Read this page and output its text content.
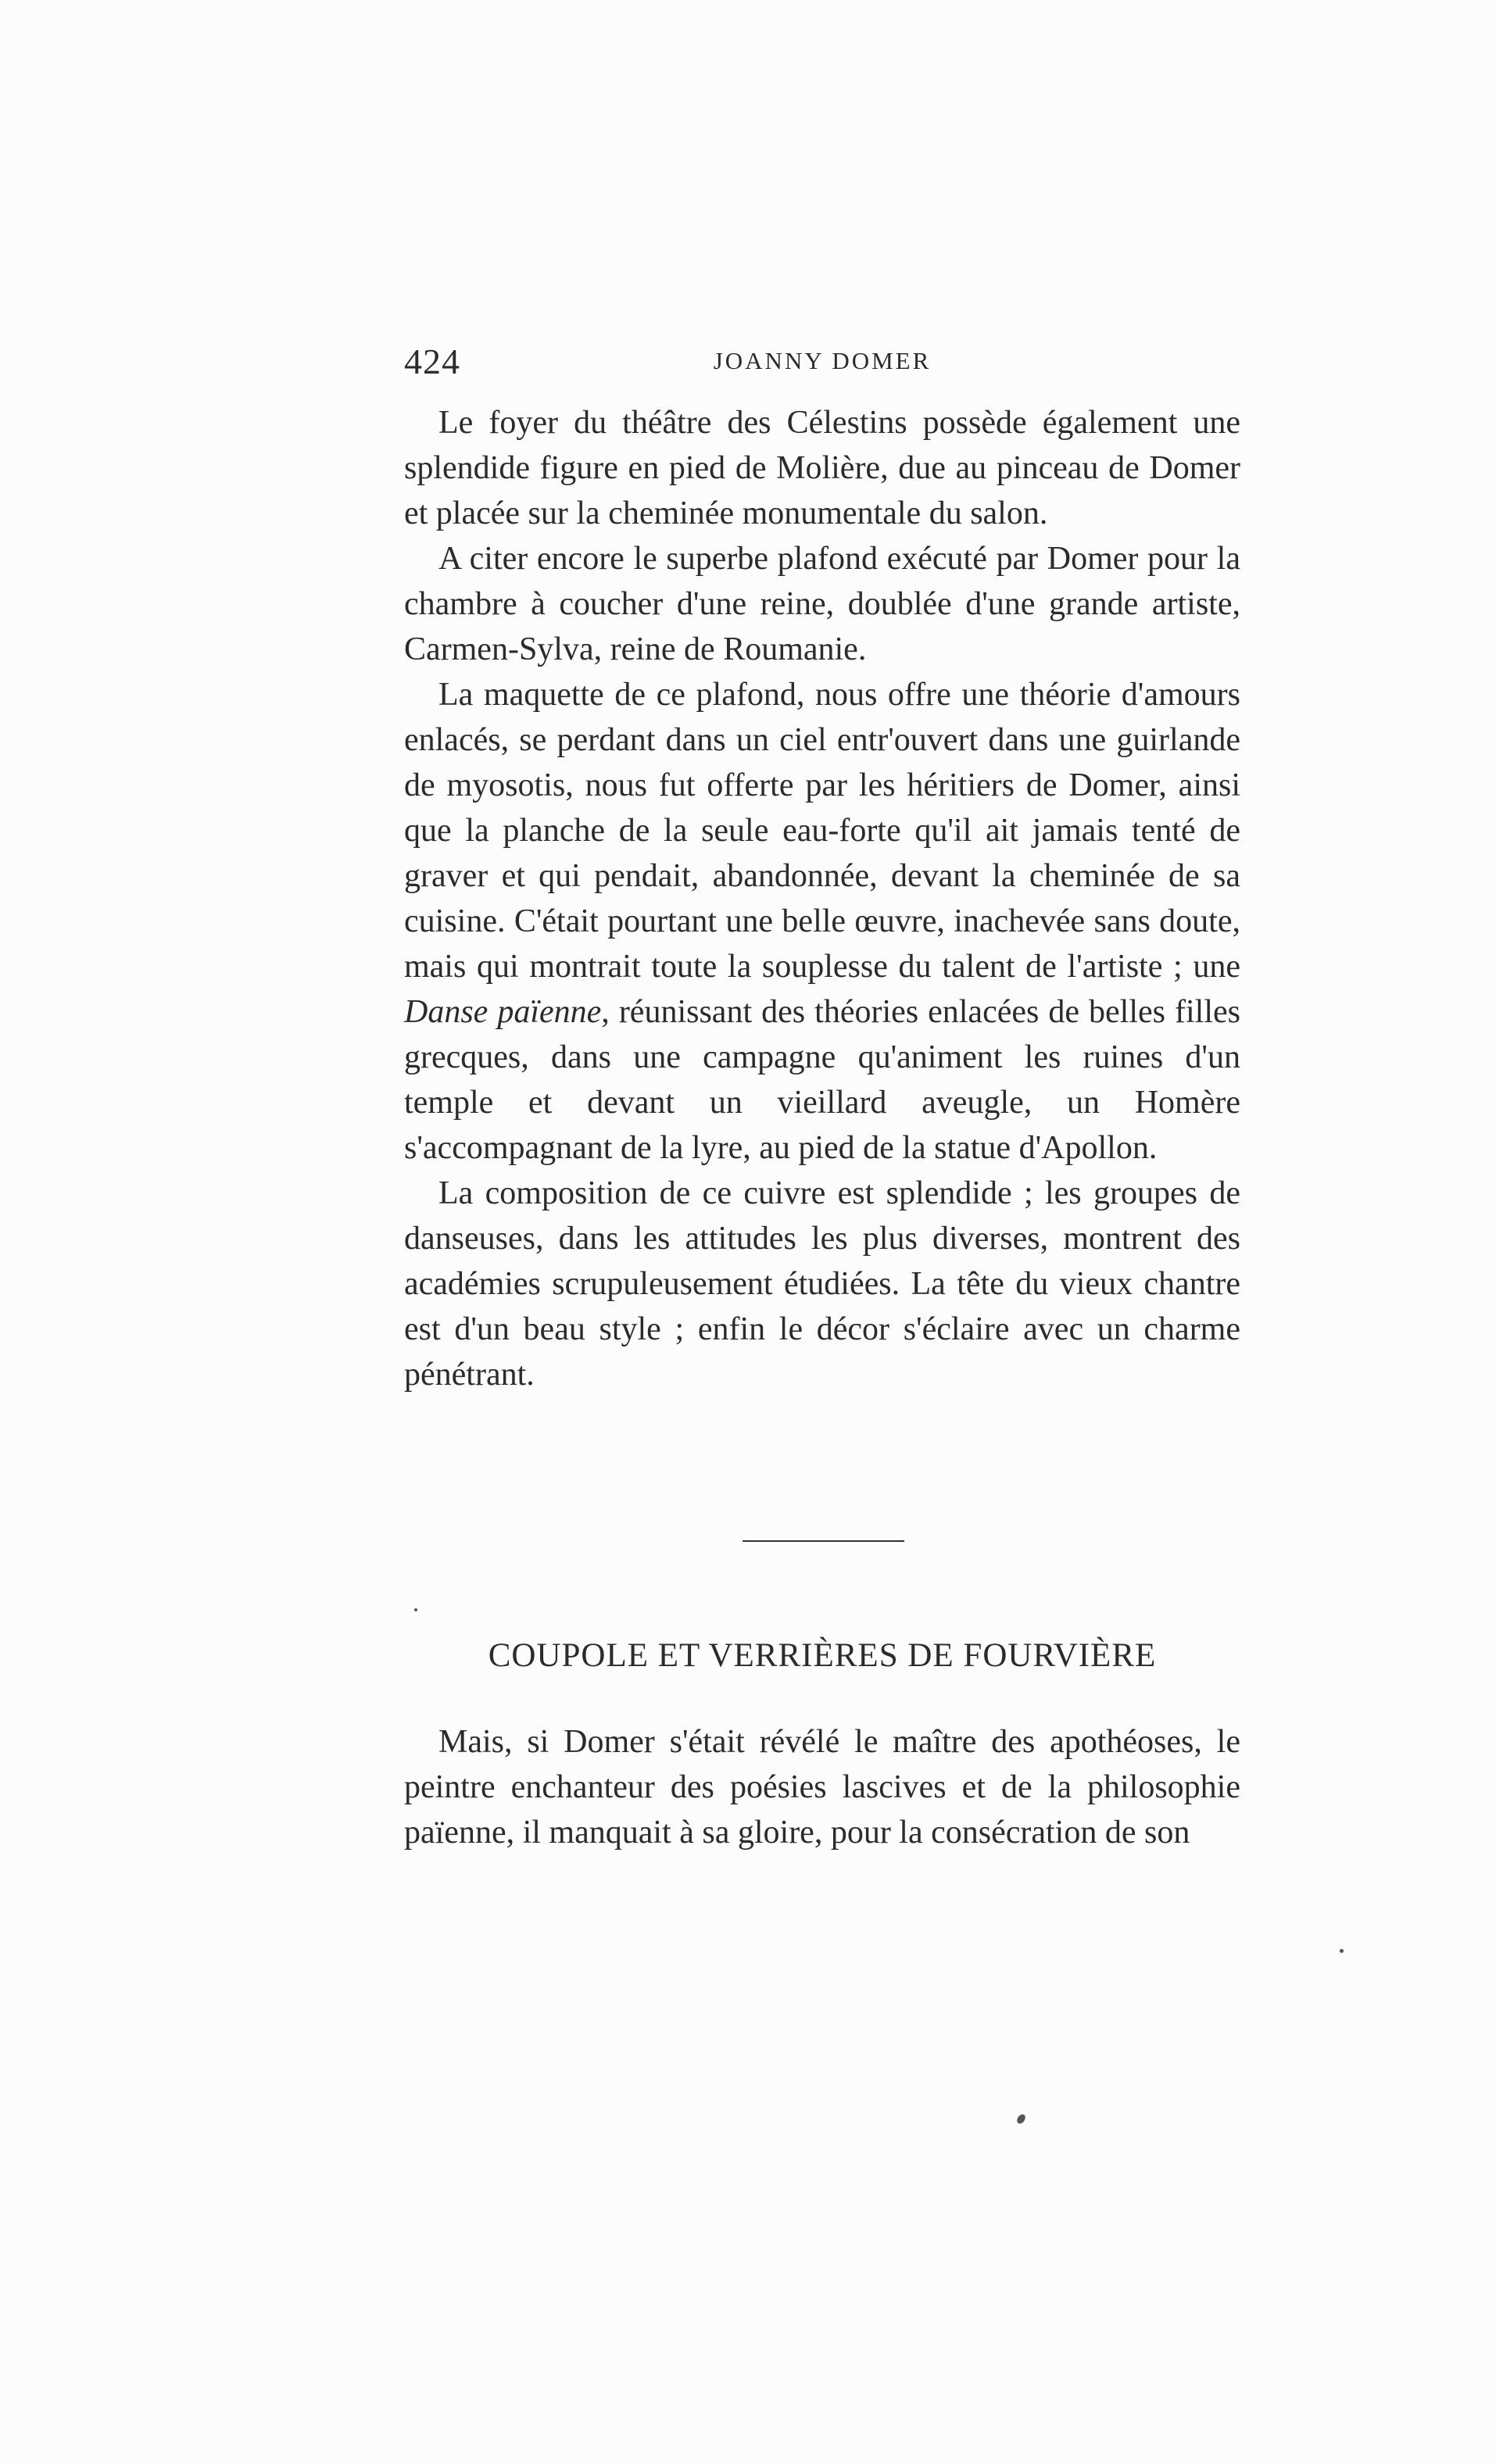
424	JOANNY DOMER

Le foyer du théâtre des Célestins possède également une splendide figure en pied de Molière, due au pinceau de Domer et placée sur la cheminée monumentale du salon.

A citer encore le superbe plafond exécuté par Domer pour la chambre à coucher d'une reine, doublée d'une grande artiste, Carmen-Sylva, reine de Roumanie.

La maquette de ce plafond, nous offre une théorie d'amours enlacés, se perdant dans un ciel entr'ouvert dans une guirlande de myosotis, nous fut offerte par les héritiers de Domer, ainsi que la planche de la seule eau-forte qu'il ait jamais tenté de graver et qui pendait, abandonnée, devant la cheminée de sa cuisine. C'était pourtant une belle œuvre, inachevée sans doute, mais qui montrait toute la souplesse du talent de l'artiste ; une Danse païenne, réunissant des théories enlacées de belles filles grecques, dans une campagne qu'animent les ruines d'un temple et devant un vieillard aveugle, un Homère s'accompagnant de la lyre, au pied de la statue d'Apollon.

La composition de ce cuivre est splendide ; les groupes de danseuses, dans les attitudes les plus diverses, montrent des académies scrupuleusement étudiées. La tête du vieux chantre est d'un beau style ; enfin le décor s'éclaire avec un charme pénétrant.

COUPOLE ET VERRIÈRES DE FOURVIÈRE

Mais, si Domer s'était révélé le maître des apothéoses, le peintre enchanteur des poésies lascives et de la philosophie païenne, il manquait à sa gloire, pour la consécration de son
